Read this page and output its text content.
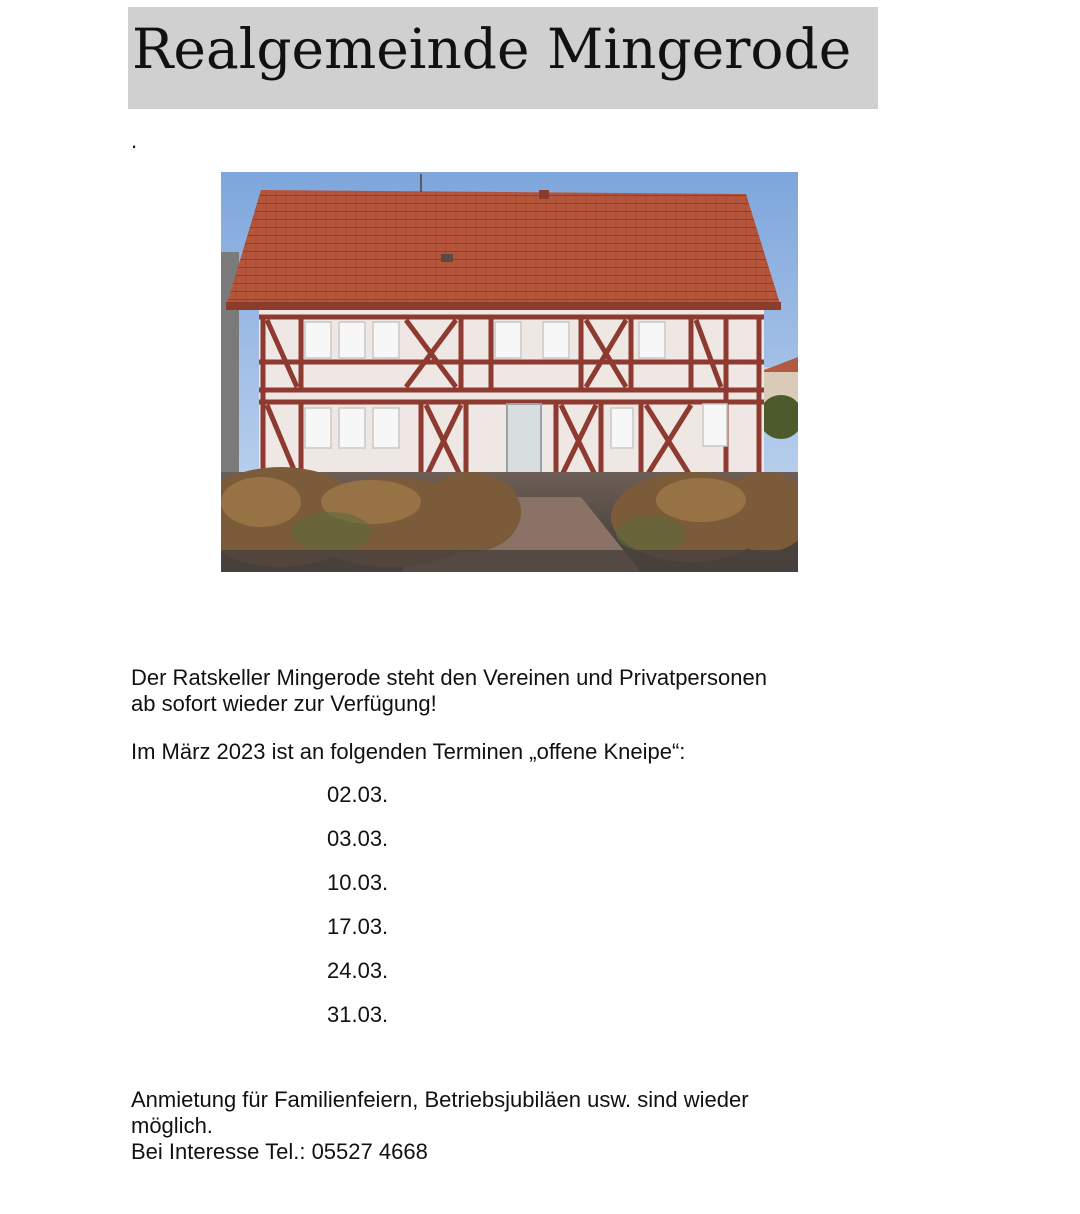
Realgemeinde Mingerode
.

Der Ratskeller Mingerode steht den Vereinen und Privatpersonen
ab sofort wieder zur Verfügung!

Im März 2023 ist an folgenden Terminen „offene Kneipe“:

02.03.
03.03.
10.03.
17.03.
24.03.
31.03.

Anmietung für Familienfeiern, Betriebsjubiläen usw. sind wieder
möglich.
Bei Interesse Tel.: 05527 4668
